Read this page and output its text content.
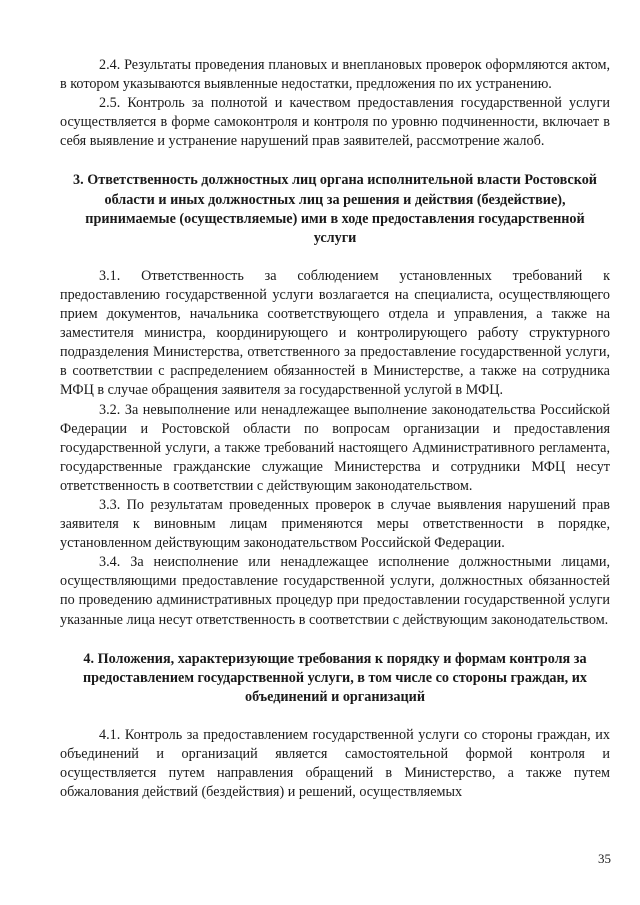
2.4. Результаты проведения плановых и внеплановых проверок оформляются актом, в котором указываются выявленные недостатки, предложения по их устранению.

2.5. Контроль за полнотой и качеством предоставления государственной услуги осуществляется в форме самоконтроля и контроля по уровню подчиненности, включает в себя выявление и устранение нарушений прав заявителей, рассмотрение жалоб.

3. Ответственность должностных лиц органа исполнительной власти Ростовской области и иных должностных лиц за решения и действия (бездействие), принимаемые (осуществляемые) ими в ходе предоставления государственной услуги

3.1. Ответственность за соблюдением установленных требований к предоставлению государственной услуги возлагается на специалиста, осуществляющего прием документов, начальника соответствующего отдела и управления, а также на заместителя министра, координирующего и контролирующего работу структурного подразделения Министерства, ответственного за предоставление государственной услуги, в соответствии с распределением обязанностей в Министерстве, а также на сотрудника МФЦ в случае обращения заявителя за государственной услугой в МФЦ.

3.2. За невыполнение или ненадлежащее выполнение законодательства Российской Федерации и Ростовской области по вопросам организации и предоставления государственной услуги, а также требований настоящего Административного регламента, государственные гражданские служащие Министерства и сотрудники МФЦ несут ответственность в соответствии с действующим законодательством.

3.3. По результатам проведенных проверок в случае выявления нарушений прав заявителя к виновным лицам применяются меры ответственности в порядке, установленном действующим законодательством Российской Федерации.

3.4. За неисполнение или ненадлежащее исполнение должностными лицами, осуществляющими предоставление государственной услуги, должностных обязанностей по проведению административных процедур при предоставлении государственной услуги указанные лица несут ответственность в соответствии с действующим законодательством.

4. Положения, характеризующие требования к порядку и формам контроля за предоставлением государственной услуги, в том числе со стороны граждан, их объединений и организаций

4.1. Контроль за предоставлением государственной услуги со стороны граждан, их объединений и организаций является самостоятельной формой контроля и осуществляется путем направления обращений в Министерство, а также путем обжалования действий (бездействия) и решений, осуществляемых

35
